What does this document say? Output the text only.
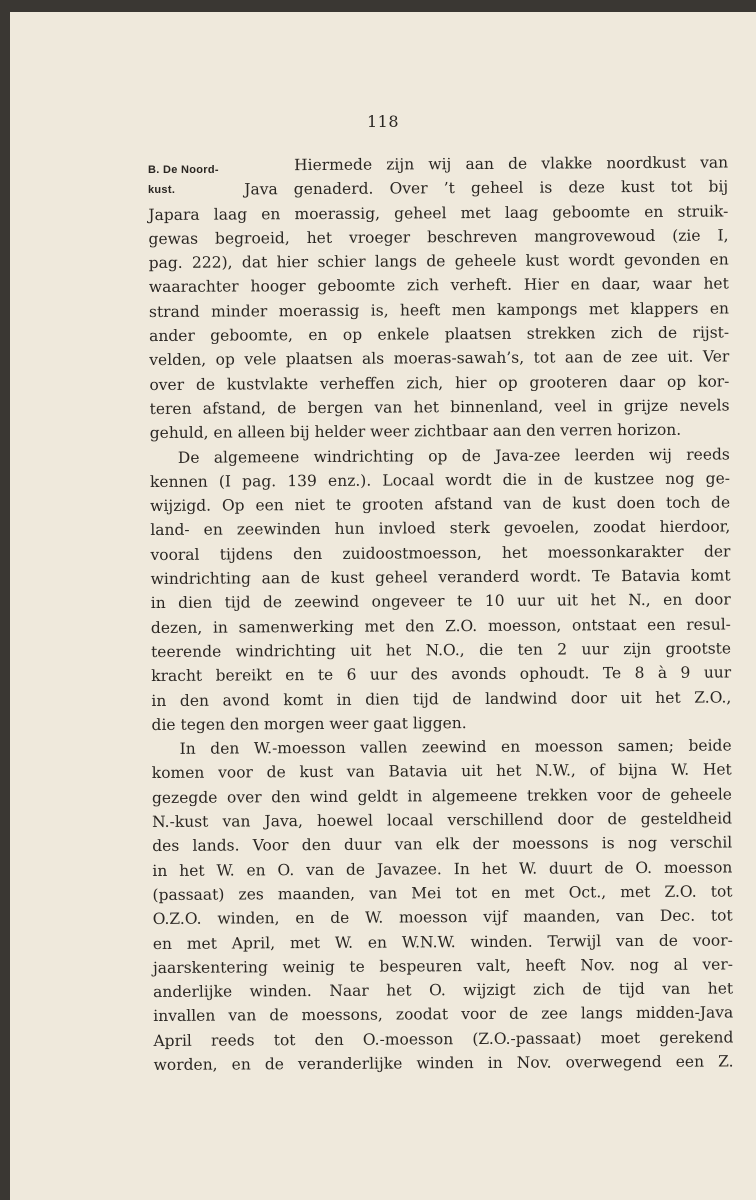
118
B. De Noord-
kust.
Hiermede zijn wij aan de vlakke noordkust van
Java genaderd. Over ’t geheel is deze kust tot bij
Japara laag en moerassig, geheel met laag geboomte en struik-
gewas begroeid, het vroeger beschreven mangrovewoud (zie I,
pag. 222), dat hier schier langs de geheele kust wordt gevonden en
waarachter hooger geboomte zich verheft. Hier en daar, waar het
strand minder moerassig is, heeft men kampongs met klappers en
ander geboomte, en op enkele plaatsen strekken zich de rijst-
velden, op vele plaatsen als moeras-sawah’s, tot aan de zee uit. Ver
over de kustvlakte verheffen zich, hier op grooteren daar op kor-
teren afstand, de bergen van het binnenland, veel in grijze nevels
gehuld, en alleen bij helder weer zichtbaar aan den verren horizon.
De algemeene windrichting op de Java-zee leerden wij reeds
kennen (I pag. 139 enz.). Locaal wordt die in de kustzee nog ge-
wijzigd. Op een niet te grooten afstand van de kust doen toch de
land- en zeewinden hun invloed sterk gevoelen, zoodat hierdoor,
vooral tijdens den zuidoostmoesson, het moessonkarakter der
windrichting aan de kust geheel veranderd wordt. Te Batavia komt
in dien tijd de zeewind ongeveer te 10 uur uit het N., en door
dezen, in samenwerking met den Z.O. moesson, ontstaat een resul-
teerende windrichting uit het N.O., die ten 2 uur zijn grootste
kracht bereikt en te 6 uur des avonds ophoudt. Te 8 à 9 uur
in den avond komt in dien tijd de landwind door uit het Z.O.,
die tegen den morgen weer gaat liggen.
In den W.-moesson vallen zeewind en moesson samen; beide
komen voor de kust van Batavia uit het N.W., of bijna W. Het
gezegde over den wind geldt in algemeene trekken voor de geheele
N.-kust van Java, hoewel locaal verschillend door de gesteldheid
des lands. Voor den duur van elk der moessons is nog verschil
in het W. en O. van de Javazee. In het W. duurt de O. moesson
(passaat) zes maanden, van Mei tot en met Oct., met Z.O. tot
O.Z.O. winden, en de W. moesson vijf maanden, van Dec. tot
en met April, met W. en W.N.W. winden. Terwijl van de voor-
jaarskentering weinig te bespeuren valt, heeft Nov. nog al ver-
anderlijke winden. Naar het O. wijzigt zich de tijd van het
invallen van de moessons, zoodat voor de zee langs midden-Java
April reeds tot den O.-moesson (Z.O.-passaat) moet gerekend
worden, en de veranderlijke winden in Nov. overwegend een Z.
